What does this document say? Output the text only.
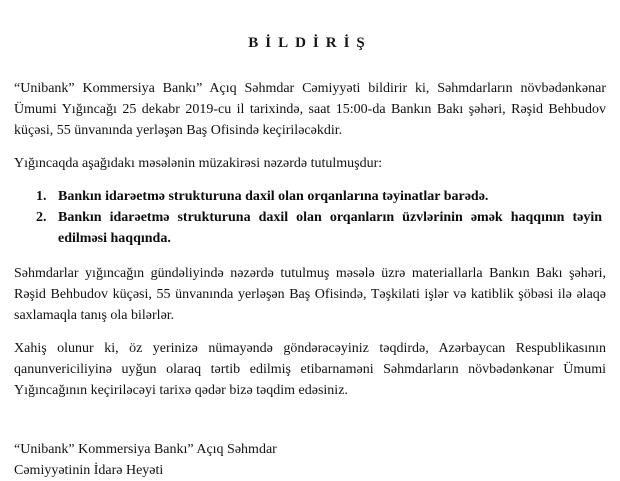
BİLDİRİŞ

“Unibank” Kommersiya Bankı” Açıq Səhmdar Cəmiyyəti bildirir ki, Səhmdarların növbədənkənar Ümumi Yığıncağı 25 dekabr 2019-cu il tarixində, saat 15:00-da Bankın Bakı şəhəri, Rəşid Behbudov küçəsi, 55 ünvanında yerləşən Baş Ofisində keçiriləcəkdir.

Yığıncaqda aşağıdakı məsələnin müzakirəsi nəzərdə tutulmuşdur:

1. Bankın idarəetmə strukturuna daxil olan orqanlarına təyinatlar barədə.
2. Bankın idarəetmə strukturuna daxil olan orqanların üzvlərinin əmək haqqının təyin edilməsi haqqında.

Səhmdarlar yığıncağın gündəliyində nəzərdə tutulmuş məsələ üzrə materiallarla Bankın Bakı şəhəri, Rəşid Behbudov küçəsi, 55 ünvanında yerləşən Baş Ofisində, Təşkilati işlər və katiblik şöbəsi ilə əlaqə saxlamaqla tanış ola bilərlər.

Xahiş olunur ki, öz yerinizə nümayəndə göndərəcəyiniz təqdirdə, Azərbaycan Respublikasının qanunvericiliyinə uyğun olaraq tərtib edilmiş etibarnaməni Səhmdarların növbədənkənar Ümumi Yığıncağının keçiriləcəyi tarixə qədər bizə təqdim edəsiniz.

“Unibank” Kommersiya Bankı” Açıq Səhmdar
Cəmiyyətinin İdarə Heyəti
